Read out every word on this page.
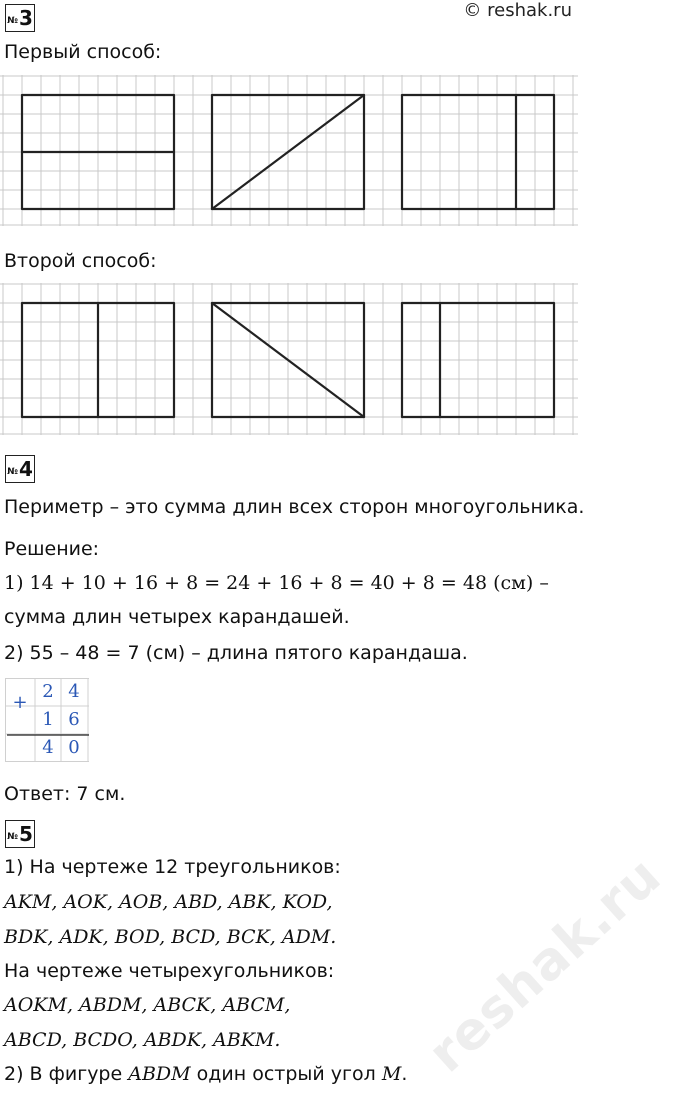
№ 3	© reshak.ru
Первый способ:
Второй способ:
№ 4
Периметр – это сумма длин всех сторон многоугольника.
Решение:
1) 14 + 10 + 16 + 8 = 24 + 16 + 8 = 40 + 8 = 48 (см) –
сумма длин четырех карандашей.
2) 55 – 48 = 7 (см) – длина пятого карандаша.
+
2 4
1 6
4 0
Ответ: 7 см.
№ 5
1) На чертеже 12 треугольников:
AKM, AOK, AOB, ABD, ABK, KOD,
BDK, ADK, BOD, BCD, BCK, ADM.
На чертеже четырехугольников:
AOKM, ABDM, ABCK, ABCM,
ABCD, BCDO, ABDK, ABKM.
2) В фигуре ABDM один острый угол M. reshak.ru
